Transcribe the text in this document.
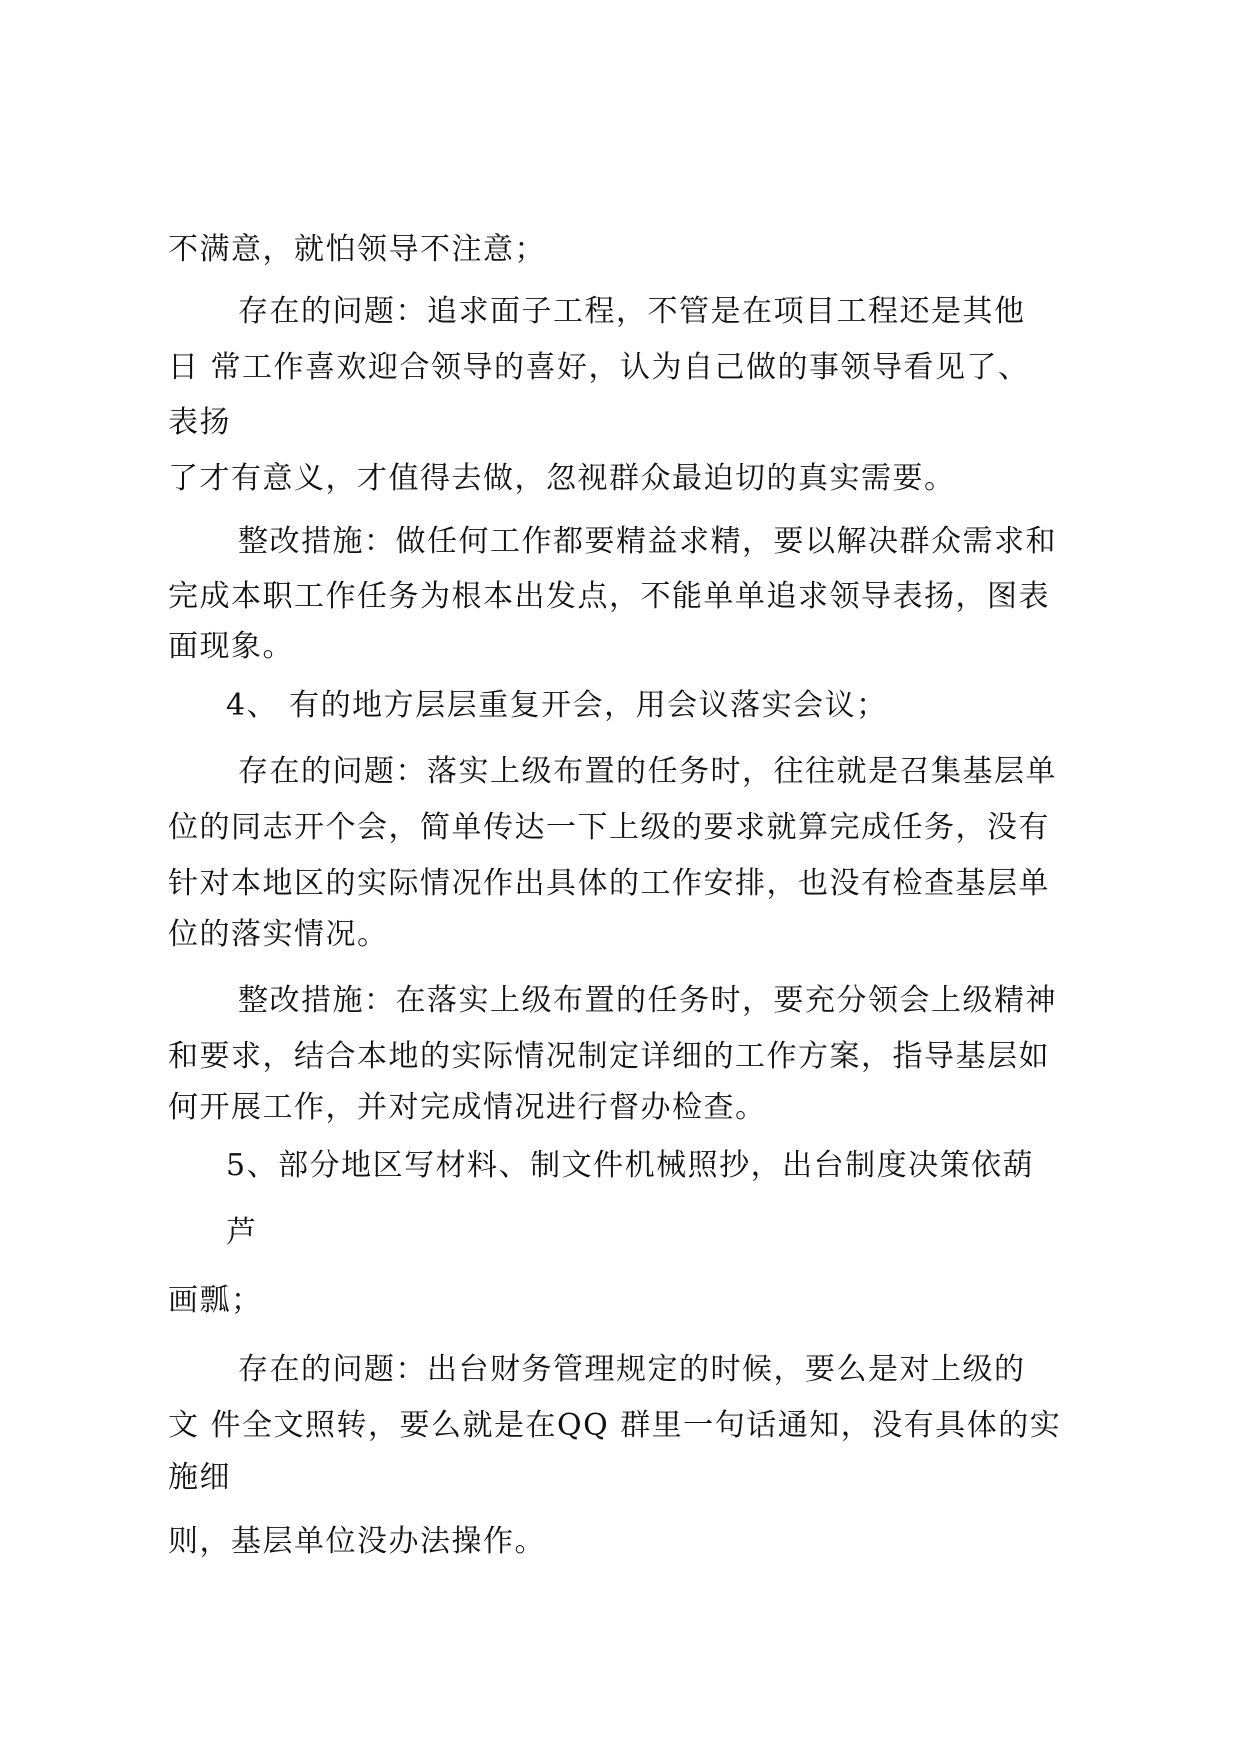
不满意，就怕领导不注意；
存在的问题：追求面子工程，不管是在项目工程还是其他
日 常工作喜欢迎合领导的喜好，认为自己做的事领导看见了、
表扬
了才有意义，才值得去做，忽视群众最迫切的真实需要。
整改措施：做任何工作都要精益求精，要以解决群众需求和
完成本职工作任务为根本出发点，不能单单追求领导表扬，图表
面现象。
4、 有的地方层层重复开会，用会议落实会议；
存在的问题：落实上级布置的任务时，往往就是召集基层单
位的同志开个会，简单传达一下上级的要求就算完成任务，没有
针对本地区的实际情况作出具体的工作安排，也没有检查基层单
位的落实情况。
整改措施：在落实上级布置的任务时，要充分领会上级精神
和要求，结合本地的实际情况制定详细的工作方案，指导基层如
何开展工作，并对完成情况进行督办检查。
5、部分地区写材料、制文件机械照抄，出台制度决策依葫
芦
画瓢；
存在的问题：出台财务管理规定的时候，要么是对上级的
文 件全文照转，要么就是在QQ 群里一句话通知，没有具体的实
施细
则，基层单位没办法操作。
